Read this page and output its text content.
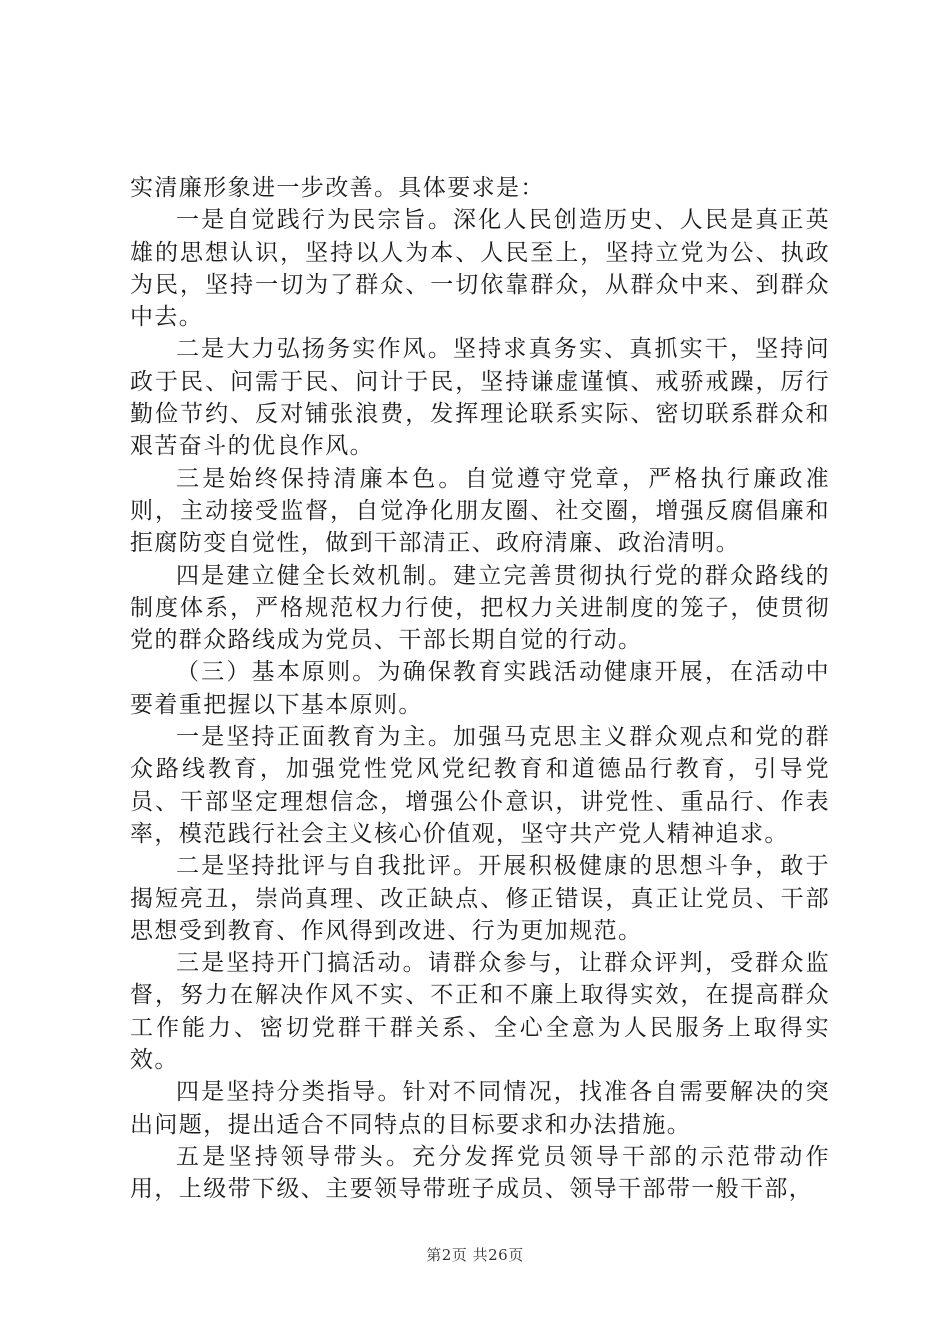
实清廉形象进一步改善。具体要求是：

一是自觉践行为民宗旨。深化人民创造历史、人民是真正英雄的思想认识，坚持以人为本、人民至上，坚持立党为公、执政为民，坚持一切为了群众、一切依靠群众，从群众中来、到群众中去。

二是大力弘扬务实作风。坚持求真务实、真抓实干，坚持问政于民、问需于民、问计于民，坚持谦虚谨慎、戒骄戒躁，厉行勤俭节约、反对铺张浪费，发挥理论联系实际、密切联系群众和艰苦奋斗的优良作风。

三是始终保持清廉本色。自觉遵守党章，严格执行廉政准则，主动接受监督，自觉净化朋友圈、社交圈，增强反腐倡廉和拒腐防变自觉性，做到干部清正、政府清廉、政治清明。

四是建立健全长效机制。建立完善贯彻执行党的群众路线的制度体系，严格规范权力行使，把权力关进制度的笼子，使贯彻党的群众路线成为党员、干部长期自觉的行动。

（三）基本原则。为确保教育实践活动健康开展，在活动中要着重把握以下基本原则。

一是坚持正面教育为主。加强马克思主义群众观点和党的群众路线教育，加强党性党风党纪教育和道德品行教育，引导党员、干部坚定理想信念，增强公仆意识，讲党性、重品行、作表率，模范践行社会主义核心价值观，坚守共产党人精神追求。

二是坚持批评与自我批评。开展积极健康的思想斗争，敢于揭短亮丑，崇尚真理、改正缺点、修正错误，真正让党员、干部思想受到教育、作风得到改进、行为更加规范。

三是坚持开门搞活动。请群众参与，让群众评判，受群众监督，努力在解决作风不实、不正和不廉上取得实效，在提高群众工作能力、密切党群干群关系、全心全意为人民服务上取得实效。

四是坚持分类指导。针对不同情况，找准各自需要解决的突出问题，提出适合不同特点的目标要求和办法措施。

五是坚持领导带头。充分发挥党员领导干部的示范带动作用，上级带下级、主要领导带班子成员、领导干部带一般干部，

第2页 共26页
